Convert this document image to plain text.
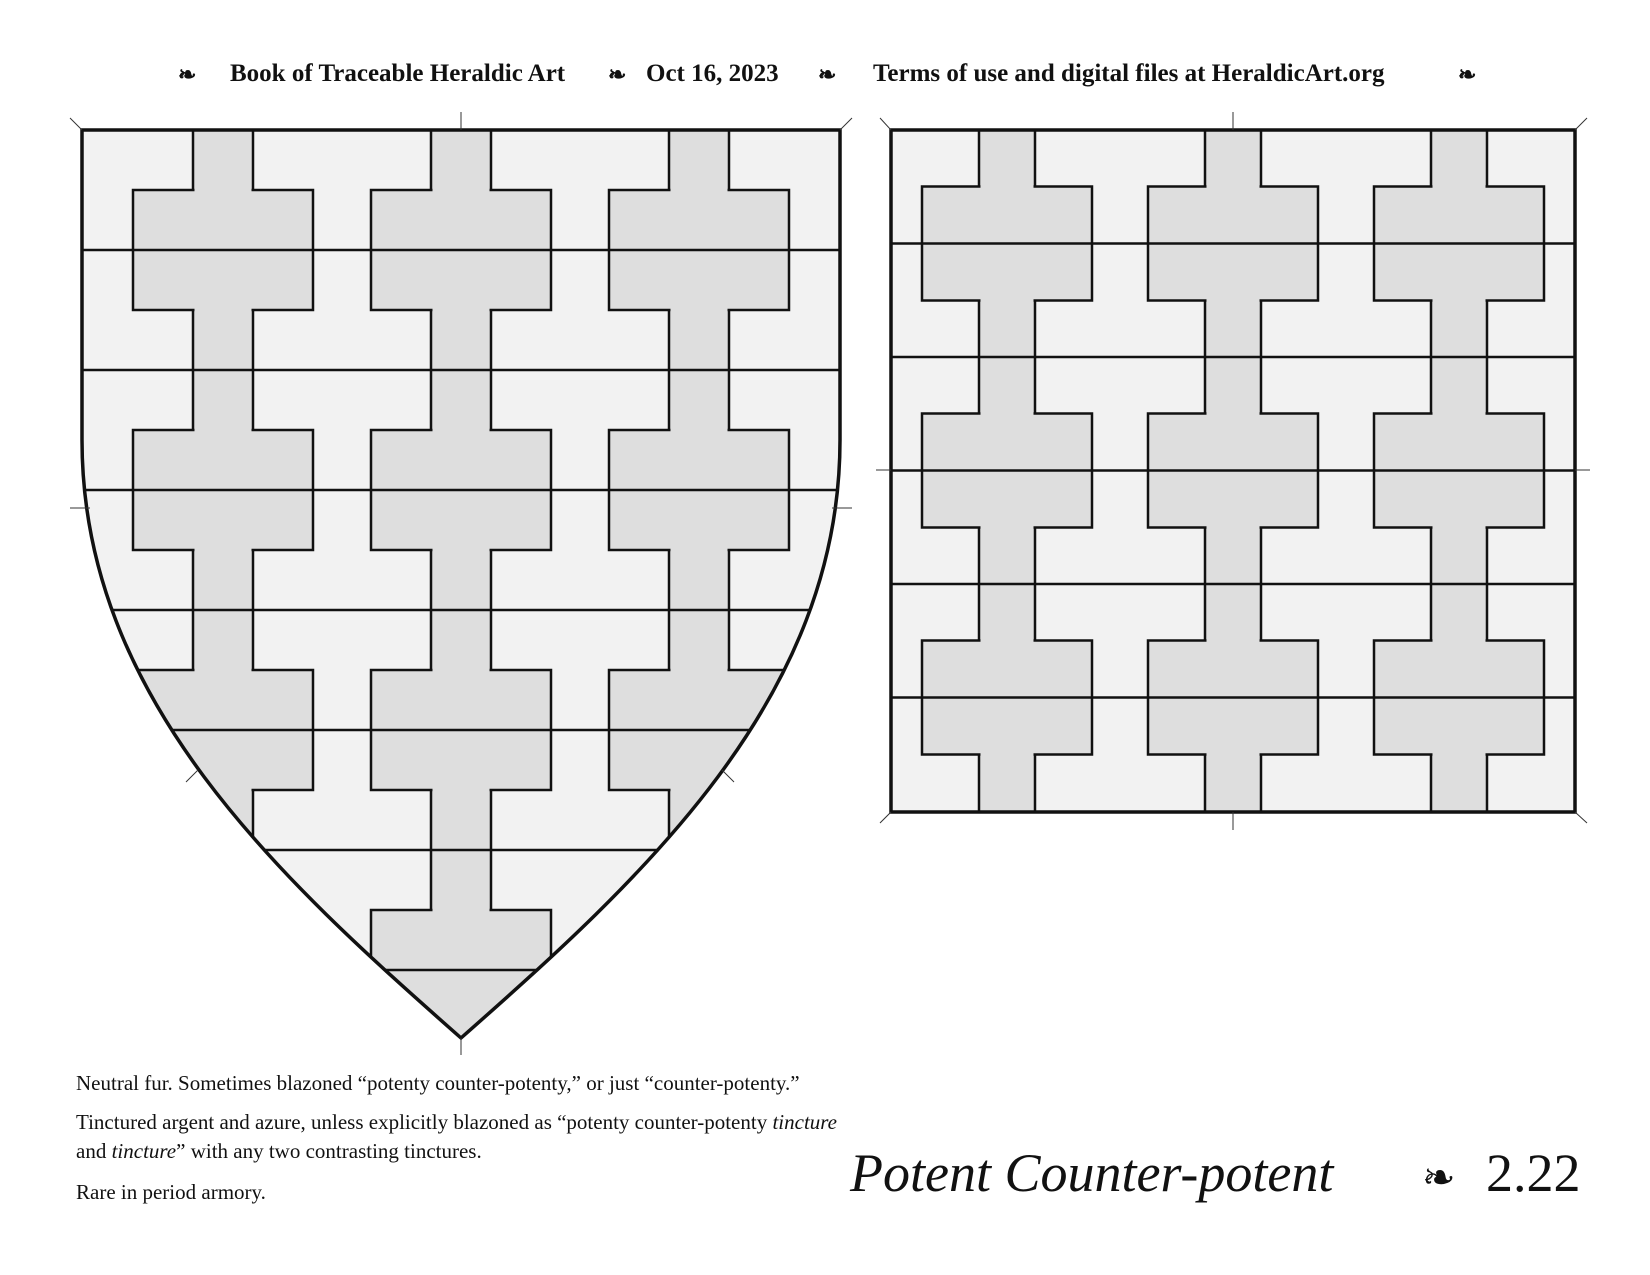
❧ Book of Traceable Heraldic Art ❧ Oct 16, 2023 ❧ Terms of use and digital files at HeraldicArt.org	❧
Neutral fur. Sometimes blazoned “potenty counter-potenty,” or just “counter-potenty.”
Tinctured argent and azure, unless explicitly blazoned as “potenty counter-potenty tincture
and tincture” with any two contrasting tinctures.
Rare in period armory.	Potent Counter-potent ❧ 2.22
